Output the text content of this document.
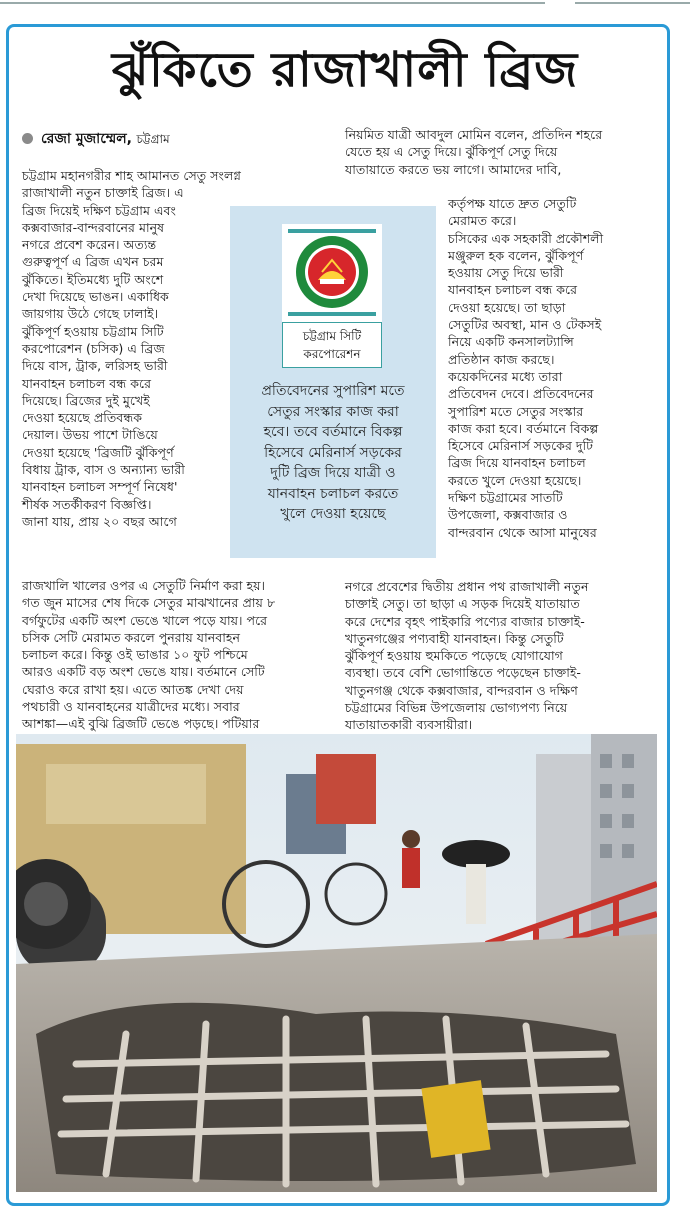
ঝুঁকিতে রাজাখালী ব্রিজ
রেজা মুজাম্মেল, চট্টগ্রাম

চট্টগ্রাম মহানগরীর শাহ আমানত সেতু সংলগ্ন

রাজাখালী নতুন চাক্তাই ব্রিজ। এ

ব্রিজ দিয়েই দক্ষিণ চট্টগ্রাম এবং

কক্সবাজার-বান্দরবানের মানুষ

নগরে প্রবেশ করেন। অত্যন্ত

গুরুত্বপূর্ণ এ ব্রিজ এখন চরম

ঝুঁকিতে। ইতিমধ্যে দুটি অংশে

দেখা দিয়েছে ভাঙন। একাধিক

জায়গায় উঠে গেছে ঢালাই।

ঝুঁকিপূর্ণ হওয়ায় চট্টগ্রাম সিটি

করপোরেশন (চসিক) এ ব্রিজ

দিয়ে বাস, ট্রাক, লরিসহ ভারী

যানবাহন চলাচল বন্ধ করে

দিয়েছে। ব্রিজের দুই মুখেই

দেওয়া হয়েছে প্রতিবন্ধক

দেয়াল। উভয় পাশে টাঙিয়ে

দেওয়া হয়েছে 'ব্রিজটি ঝুঁকিপূর্ণ

বিধায় ট্রাক, বাস ও অন্যান্য ভারী

যানবাহন চলাচল সম্পূর্ণ নিষেধ'

শীর্ষক সতর্কীকরণ বিজ্ঞপ্তি।

জানা যায়, প্রায় ২০ বছর আগে

রাজখালি খালের ওপর এ সেতুটি নির্মাণ করা হয়।

গত জুন মাসের শেষ দিকে সেতুর মাঝখানের প্রায় ৮

বর্গফুটের একটি অংশ ভেঙে খালে পড়ে যায়। পরে

চসিক সেটি মেরামত করলে পুনরায় যানবাহন

চলাচল করে। কিন্তু ওই ভাঙার ১০ ফুট পশ্চিমে

আরও একটি বড় অংশ ভেঙে যায়। বর্তমানে সেটি

ঘেরাও করে রাখা হয়। এতে আতঙ্ক দেখা দেয়

পথচারী ও যানবাহনের যাত্রীদের মধ্যে। সবার

আশঙ্কা—এই বুঝি ব্রিজটি ভেঙে পড়ছে। পটিয়ার

নিয়মিত যাত্রী আবদুল মোমিন বলেন, প্রতিদিন শহরে

যেতে হয় এ সেতু দিয়ে। ঝুঁকিপূর্ণ সেতু দিয়ে

যাতায়াতে করতে ভয় লাগে। আমাদের দাবি,

কর্তৃপক্ষ যাতে দ্রুত সেতুটি

মেরামত করে।

চসিকের এক সহকারী প্রকৌশলী

মঞ্জুরুল হক বলেন, ঝুঁকিপূর্ণ

হওয়ায় সেতু দিয়ে ভারী

যানবাহন চলাচল বন্ধ করে

দেওয়া হয়েছে। তা ছাড়া

সেতুটির অবস্থা, মান ও টেকসই

নিয়ে একটি কনসালট্যান্সি

প্রতিষ্ঠান কাজ করছে।

কয়েকদিনের মধ্যে তারা

প্রতিবেদন দেবে। প্রতিবেদনের

সুপারিশ মতে সেতুর সংস্কার

কাজ করা হবে। বর্তমানে বিকল্প

হিসেবে মেরিনার্স সড়কের দুটি

ব্রিজ দিয়ে যানবাহন চলাচল

করতে খুলে দেওয়া হয়েছে।

দক্ষিণ চট্টগ্রামের সাতটি

উপজেলা, কক্সবাজার ও

বান্দরবান থেকে আসা মানুষের

নগরে প্রবেশের দ্বিতীয় প্রধান পথ রাজাখালী নতুন

চাক্তাই সেতু। তা ছাড়া এ সড়ক দিয়েই যাতায়াত

করে দেশের বৃহৎ পাইকারি পণ্যের বাজার চাক্তাই-

খাতুনগঞ্জের পণ্যবাহী যানবাহন। কিন্তু সেতুটি

ঝুঁকিপূর্ণ হওয়ায় হুমকিতে পড়েছে যোগাযোগ

ব্যবস্থা। তবে বেশি ভোগান্তিতে পড়েছেন চাক্তাই-

খাতুনগঞ্জ থেকে কক্সবাজার, বান্দরবান ও দক্ষিণ

চট্টগ্রামের বিভিন্ন উপজেলায় ভোগ্যপণ্য নিয়ে

যাতায়াতকারী ব্যবসায়ীরা।

চট্টগ্রাম সিটি
করপোরেশন

প্রতিবেদনের সুপারিশ মতে

সেতুর সংস্কার কাজ করা

হবে। তবে বর্তমানে বিকল্প

হিসেবে মেরিনার্স সড়কের

দুটি ব্রিজ দিয়ে যাত্রী ও

যানবাহন চলাচল করতে

খুলে দেওয়া হয়েছে
